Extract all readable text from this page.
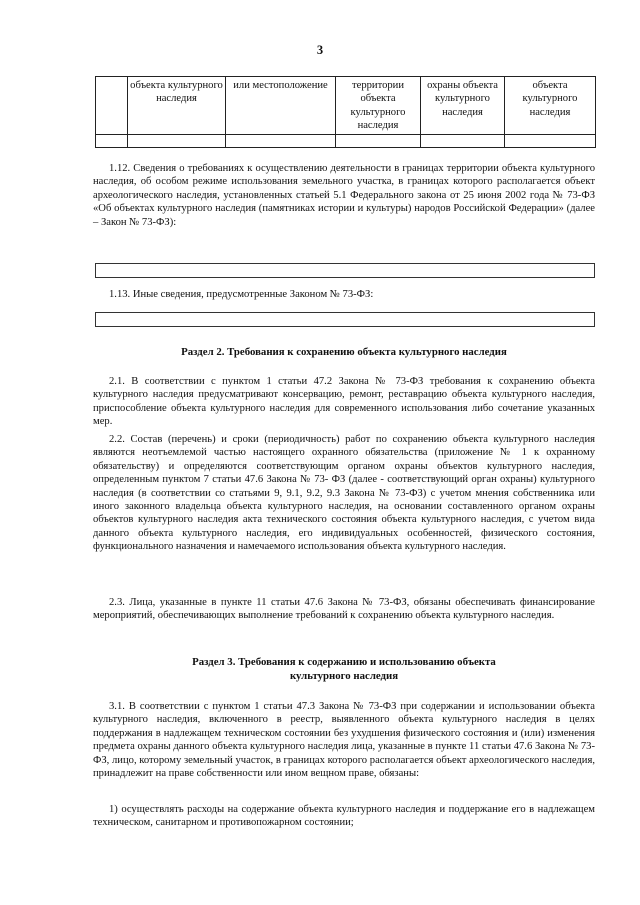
3
	объекта культурного наследия	или местоположение	территории объекта культурного наследия	охраны объекта культурного наследия	объекта культурного наследия

1.12. Сведения о требованиях к осуществлению деятельности в границах территории объекта культурного наследия, об особом режиме использования земельного участка, в границах которого располагается объект археологического наследия, установленных статьей 5.1 Федерального закона от 25 июня 2002 года № 73-ФЗ «Об объектах культурного наследия (памятниках истории и культуры) народов Российской Федерации» (далее – Закон № 73-ФЗ):
1.13. Иные сведения, предусмотренные Законом № 73-ФЗ:
Раздел 2. Требования к сохранению объекта культурного наследия
2.1. В соответствии с пунктом 1 статьи 47.2 Закона № 73-ФЗ требования к сохранению объекта культурного наследия предусматривают консервацию, ремонт, реставрацию объекта культурного наследия, приспособление объекта культурного наследия для современного использования либо сочетание указанных мер.
2.2. Состав (перечень) и сроки (периодичность) работ по сохранению объекта культурного наследия являются неотъемлемой частью настоящего охранного обязательства (приложение № 1 к охранному обязательству) и определяются соответствующим органом охраны объектов культурного наследия, определенным пунктом 7 статьи 47.6 Закона № 73- ФЗ (далее - соответствующий орган охраны) культурного наследия (в соответствии со статьями 9, 9.1, 9.2, 9.3 Закона № 73-ФЗ) с учетом мнения собственника или иного законного владельца объекта культурного наследия, на основании составленного органом охраны объектов культурного наследия акта технического состояния объекта культурного наследия, с учетом вида данного объекта культурного наследия, его индивидуальных особенностей, физического состояния, функционального назначения и намечаемого использования объекта культурного наследия.
2.3. Лица, указанные в пункте 11 статьи 47.6 Закона № 73-ФЗ, обязаны обеспечивать финансирование мероприятий, обеспечивающих выполнение требований к сохранению объекта культурного наследия.
Раздел 3. Требования к содержанию и использованию объекта
культурного наследия
3.1. В соответствии с пунктом 1 статьи 47.3 Закона № 73-ФЗ при содержании и использовании объекта культурного наследия, включенного в реестр, выявленного объекта культурного наследия в целях поддержания в надлежащем техническом состоянии без ухудшения физического состояния и (или) изменения предмета охраны данного объекта культурного наследия лица, указанные в пункте 11 статьи 47.6 Закона № 73-ФЗ, лицо, которому земельный участок, в границах которого располагается объект археологического наследия, принадлежит на праве собственности или ином вещном праве, обязаны:
1) осуществлять расходы на содержание объекта культурного наследия и поддержание его в надлежащем техническом, санитарном и противопожарном состоянии;
